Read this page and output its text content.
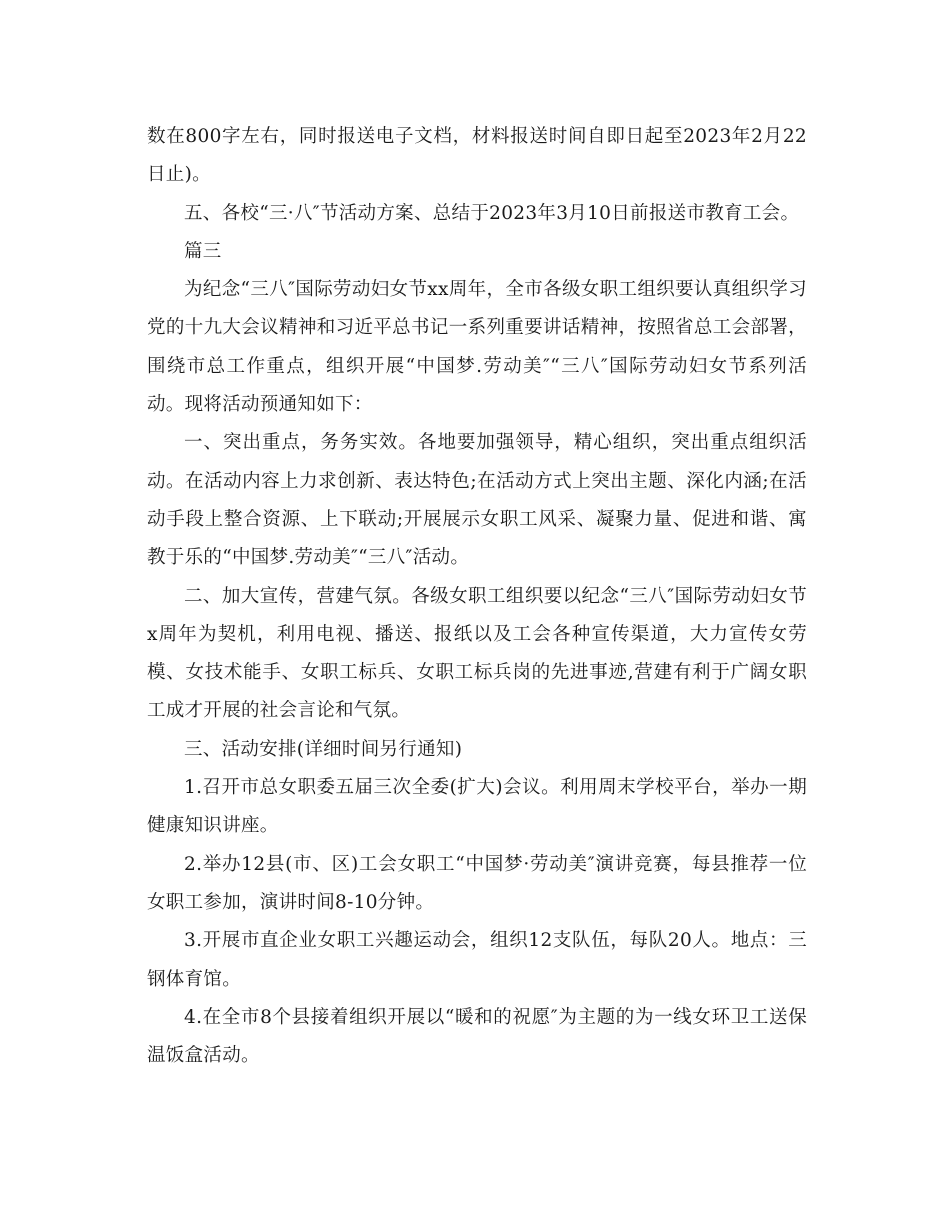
数在800字左右，同时报送电子文档，材料报送时间自即日起至2023年2月22日止)。

五、各校“三·八″节活动方案、总结于2023年3月10日前报送市教育工会。

篇三

为纪念“三八″国际劳动妇女节xx周年，全市各级女职工组织要认真组织学习党的十九大会议精神和习近平总书记一系列重要讲话精神，按照省总工会部署，围绕市总工作重点，组织开展“中国梦.劳动美″“三八″国际劳动妇女节系列活动。现将活动预通知如下：

一、突出重点，务务实效。各地要加强领导，精心组织，突出重点组织活动。在活动内容上力求创新、表达特色;在活动方式上突出主题、深化内涵;在活动手段上整合资源、上下联动;开展展示女职工风采、凝聚力量、促进和谐、寓教于乐的“中国梦.劳动美″“三八″活动。

二、加大宣传，营建气氛。各级女职工组织要以纪念“三八″国际劳动妇女节x周年为契机，利用电视、播送、报纸以及工会各种宣传渠道，大力宣传女劳模、女技术能手、女职工标兵、女职工标兵岗的先进事迹,营建有利于广阔女职工成才开展的社会言论和气氛。

三、活动安排(详细时间另行通知)

1.召开市总女职委五届三次全委(扩大)会议。利用周末学校平台，举办一期健康知识讲座。

2.举办12县(市、区)工会女职工“中国梦·劳动美″演讲竞赛，每县推荐一位女职工参加，演讲时间8-10分钟。

3.开展市直企业女职工兴趣运动会，组织12支队伍，每队20人。地点：三钢体育馆。

4.在全市8个县接着组织开展以“暖和的祝愿″为主题的为一线女环卫工送保温饭盒活动。
